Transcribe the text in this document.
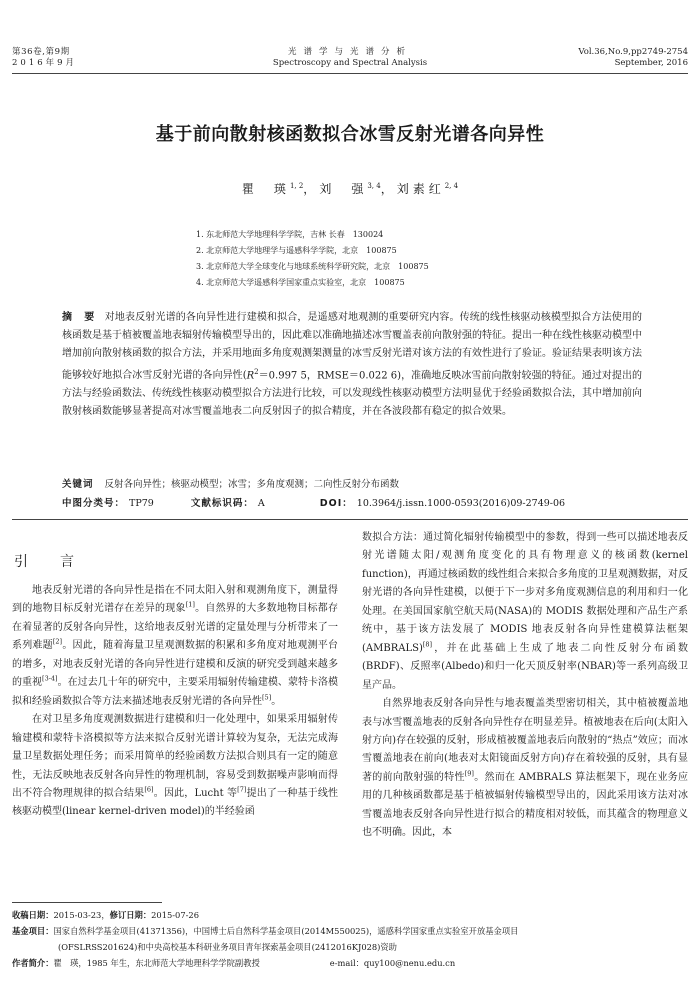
第36卷,第9期
2016年9月
光谱学与光谱分析
Spectroscopy and Spectral Analysis
Vol.36,No.9,pp2749-2754
September, 2016
基于前向散射核函数拟合冰雪反射光谱各向异性
瞿　瑛$^{1, 2}$，刘　强$^{3, 4}$，刘素红$^{2, 4}$
1. 东北师范大学地理科学学院，吉林 长春　130024
2. 北京师范大学地理学与遥感科学学院，北京　100875
3. 北京师范大学全球变化与地球系统科学研究院，北京　100875
4. 北京师范大学遥感科学国家重点实验室，北京　100875
摘　要 对地表反射光谱的各向异性进行建模和拟合，是遥感对地观测的重要研究内容。传统的线性核驱动核模型拟合方法使用的核函数是基于植被覆盖地表辐射传输模型导出的，因此难以准确地描述冰雪覆盖表前向散射强的特征。提出一种在线性核驱动模型中增加前向散射核函数的拟合方法，并采用地面多角度观测架测量的冰雪反射光谱对该方法的有效性进行了验证。验证结果表明该方法能够较好地拟合冰雪反射光谱的各向异性($R^2=0.997$ 5，RMSE＝0.022 6)，准确地反映冰雪前向散射较强的特征。通过对提出的方法与经验函数法、传统线性核驱动模型拟合方法进行比较，可以发现线性核驱动模型方法明显优于经验函数拟合法，其中增加前向散射核函数能够显著提高对冰雪覆盖地表二向反射因子的拟合精度，并在各波段都有稳定的拟合效果。
关键词 反射各向异性；核驱动模型；冰雪；多角度观测；二向性反射分布函数
中图分类号： TP79	文献标识码： A	DOI： 10.3964/j.issn.1000-0593(2016)09-2749-06
引　言

地表反射光谱的各向异性是指在不同太阳入射和观测角度下，测量得到的地物目标反射光谱存在差异的现象[1]。自然界的大多数地物目标都存在着显著的反射各向异性，这给地表反射光谱的定量处理与分析带来了一系列难题[2]。因此，随着海量卫星观测数据的积累和多角度对地观测平台的增多，对地表反射光谱的各向异性进行建模和反演的研究受到越来越多的重视[3-4]。在过去几十年的研究中，主要采用辐射传输建模、蒙特卡洛模拟和经验函数拟合等方法来描述地表反射光谱的各向异性[5]。

在对卫星多角度观测数据进行建模和归一化处理中，如果采用辐射传输建模和蒙特卡洛模拟等方法来拟合反射光谱计算较为复杂，无法完成海量卫星数据处理任务；而采用简单的经验函数方法拟合则具有一定的随意性，无法反映地表反射各向异性的物理机制，容易受到数据噪声影响而得出不符合物理规律的拟合结果[6]。因此，Lucht 等[7]提出了一种基于线性核驱动模型(linear kernel-driven model)的半经验函

数拟合方法：通过简化辐射传输模型中的参数，得到一些可以描述地表反射光谱随太阳/观测角度变化的具有物理意义的核函数(kernel function)，再通过核函数的线性组合来拟合多角度的卫星观测数据，对反射光谱的各向异性建模，以便于下一步对多角度观测信息的利用和归一化处理。在美国国家航空航天局(NASA)的 MODIS 数据处理和产品生产系统中，基于该方法发展了 MODIS 地表反射各向异性建模算法框架(AMBRALS)[8]，并在此基础上生成了地表二向性反射分布函数(BRDF)、反照率(Albedo)和归一化天顶反射率(NBAR)等一系列高级卫星产品。

自然界地表反射各向异性与地表覆盖类型密切相关，其中植被覆盖地表与冰雪覆盖地表的反射各向异性存在明显差异。植被地表在后向(太阳入射方向)存在较强的反射，形成植被覆盖地表后向散射的“热点”效应；而冰雪覆盖地表在前向(地表对太阳镜面反射方向)存在着较强的反射，具有显著的前向散射强的特性[9]。然而在 AMBRALS 算法框架下，现在业务应用的几种核函数都是基于植被辐射传输模型导出的，因此采用该方法对冰雪覆盖地表反射各向异性进行拟合的精度相对较低，而其蕴含的物理意义也不明确。因此，本

收稿日期：2015-03-23，修订日期：2015-07-26
基金项目：国家自然科学基金项目(41371356)，中国博士后自然科学基金项目(2014M550025)，遥感科学国家重点实验室开放基金项目
(OFSLRSS201624)和中央高校基本科研业务项目青年探索基金项目(2412016KJ028)资助
作者简介：瞿　瑛，1985 年生，东北师范大学地理科学学院副教授	e-mail：quy100@nenu.edu.cn
